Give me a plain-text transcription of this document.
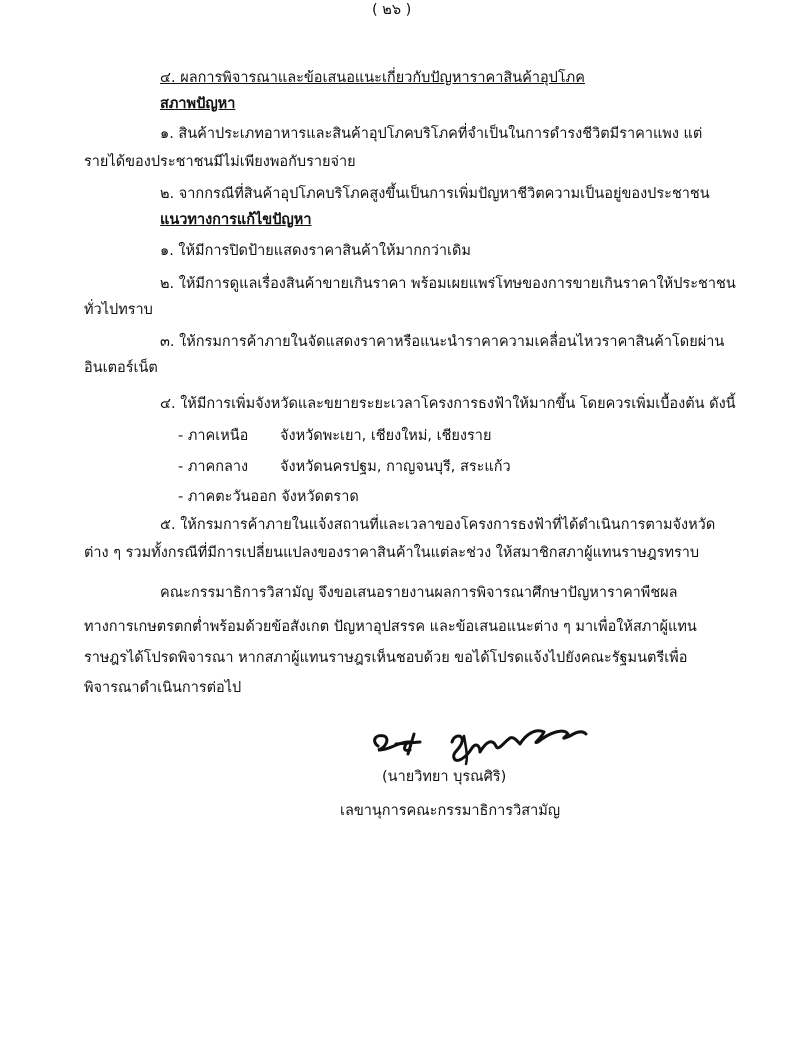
( ๒๖ )
๔. ผลการพิจารณาและข้อเสนอแนะเกี่ยวกับปัญหาราคาสินค้าอุปโภค
สภาพปัญหา
๑. สินค้าประเภทอาหารและสินค้าอุปโภคบริโภคที่จำเป็นในการดำรงชีวิตมีราคาแพง แต่
รายได้ของประชาชนมีไม่เพียงพอกับรายจ่าย
๒. จากกรณีที่สินค้าอุปโภคบริโภคสูงขึ้นเป็นการเพิ่มปัญหาชีวิตความเป็นอยู่ของประชาชน
แนวทางการแก้ไขปัญหา
๑. ให้มีการปิดป้ายแสดงราคาสินค้าให้มากกว่าเดิม
๒. ให้มีการดูแลเรื่องสินค้าขายเกินราคา พร้อมเผยแพร่โทษของการขายเกินราคาให้ประชาชน
ทั่วไปทราบ
๓. ให้กรมการค้าภายในจัดแสดงราคาหรือแนะนำราคาความเคลื่อนไหวราคาสินค้าโดยผ่าน
อินเตอร์เน็ต
๔. ให้มีการเพิ่มจังหวัดและขยายระยะเวลาโครงการธงฟ้าให้มากขึ้น โดยควรเพิ่มเบื้องต้น ดังนี้
- ภาคเหนือ จังหวัดพะเยา, เชียงใหม่, เชียงราย
- ภาคกลาง จังหวัดนครปฐม, กาญจนบุรี, สระแก้ว
- ภาคตะวันออก จังหวัดตราด
๕. ให้กรมการค้าภายในแจ้งสถานที่และเวลาของโครงการธงฟ้าที่ได้ดำเนินการตามจังหวัด
ต่าง ๆ รวมทั้งกรณีที่มีการเปลี่ยนแปลงของราคาสินค้าในแต่ละช่วง ให้สมาชิกสภาผู้แทนราษฎรทราบ
คณะกรรมาธิการวิสามัญ จึงขอเสนอรายงานผลการพิจารณาศึกษาปัญหาราคาพืชผล
ทางการเกษตรตกต่ำพร้อมด้วยข้อสังเกต ปัญหาอุปสรรค และข้อเสนอแนะต่าง ๆ มาเพื่อให้สภาผู้แทน
ราษฎรได้โปรดพิจารณา หากสภาผู้แทนราษฎรเห็นชอบด้วย ขอได้โปรดแจ้งไปยังคณะรัฐมนตรีเพื่อ
พิจารณาดำเนินการต่อไป
(นายวิทยา บุรณศิริ)
เลขานุการคณะกรรมาธิการวิสามัญ
